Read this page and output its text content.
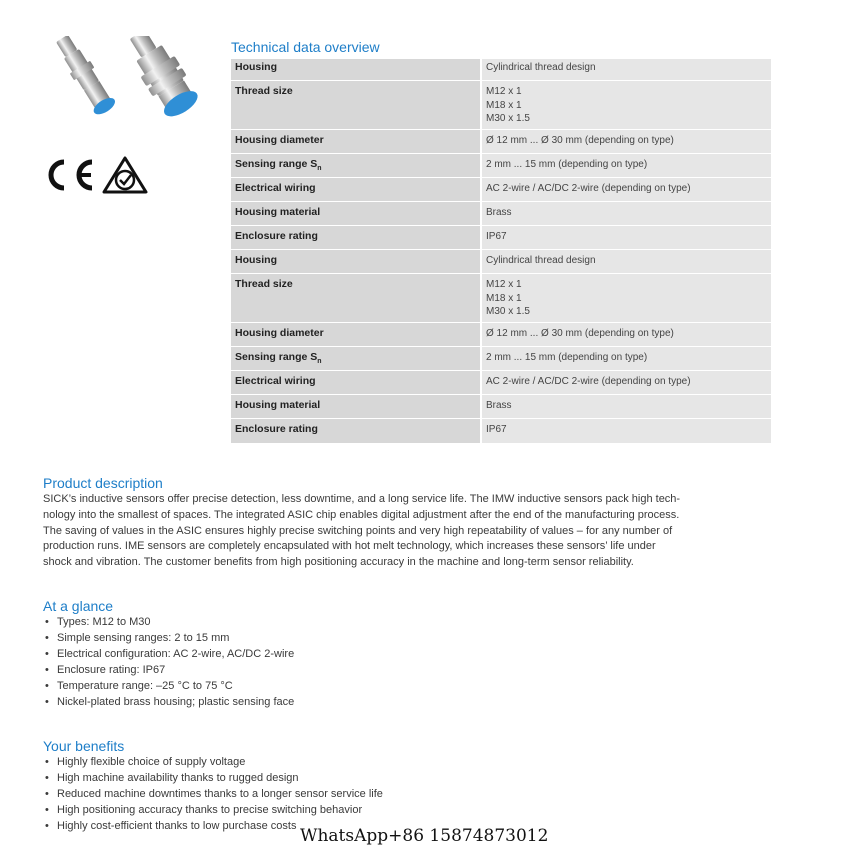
Technical data overview
Housing	Cylindrical thread design

Thread size	M12 x 1
M18 x 1
M30 x 1.5

Housing diameter	Ø 12 mm ... Ø 30 mm (depending on type)

Sensing range $S_n$	2 mm ... 15 mm (depending on type)

Electrical wiring	AC 2-wire / AC/DC 2-wire (depending on type)

Housing material	Brass

Enclosure rating	IP67

Housing	Cylindrical thread design

Thread size	M12 x 1
M18 x 1
M30 x 1.5

Housing diameter	Ø 12 mm ... Ø 30 mm (depending on type)

Sensing range $S_n$	2 mm ... 15 mm (depending on type)

Electrical wiring	AC 2-wire / AC/DC 2-wire (depending on type)

Housing material	Brass

Enclosure rating	IP67
Product description
SICK’s inductive sensors offer precise detection, less downtime, and a long service life. The IMW inductive sensors pack high tech-
nology into the smallest of spaces. The integrated ASIC chip enables digital adjustment after the end of the manufacturing process.
The saving of values in the ASIC ensures highly precise switching points and very high repeatability of values – for any number of
production runs. IME sensors are completely encapsulated with hot melt technology, which increases these sensors’ life under
shock and vibration. The customer benefits from high positioning accuracy in the machine and long-term sensor reliability.
At a glance
• Types: M12 to M30
• Simple sensing ranges: 2 to 15 mm
• Electrical configuration: AC 2-wire, AC/DC 2-wire
• Enclosure rating: IP67
• Temperature range: –25 °C to 75 °C
• Nickel-plated brass housing; plastic sensing face
Your benefits
• Highly flexible choice of supply voltage
• High machine availability thanks to rugged design
• Reduced machine downtimes thanks to a longer sensor service life
• High positioning accuracy thanks to precise switching behavior
• Highly cost-efficient thanks to low purchase costs
WhatsApp+86 15874873012
